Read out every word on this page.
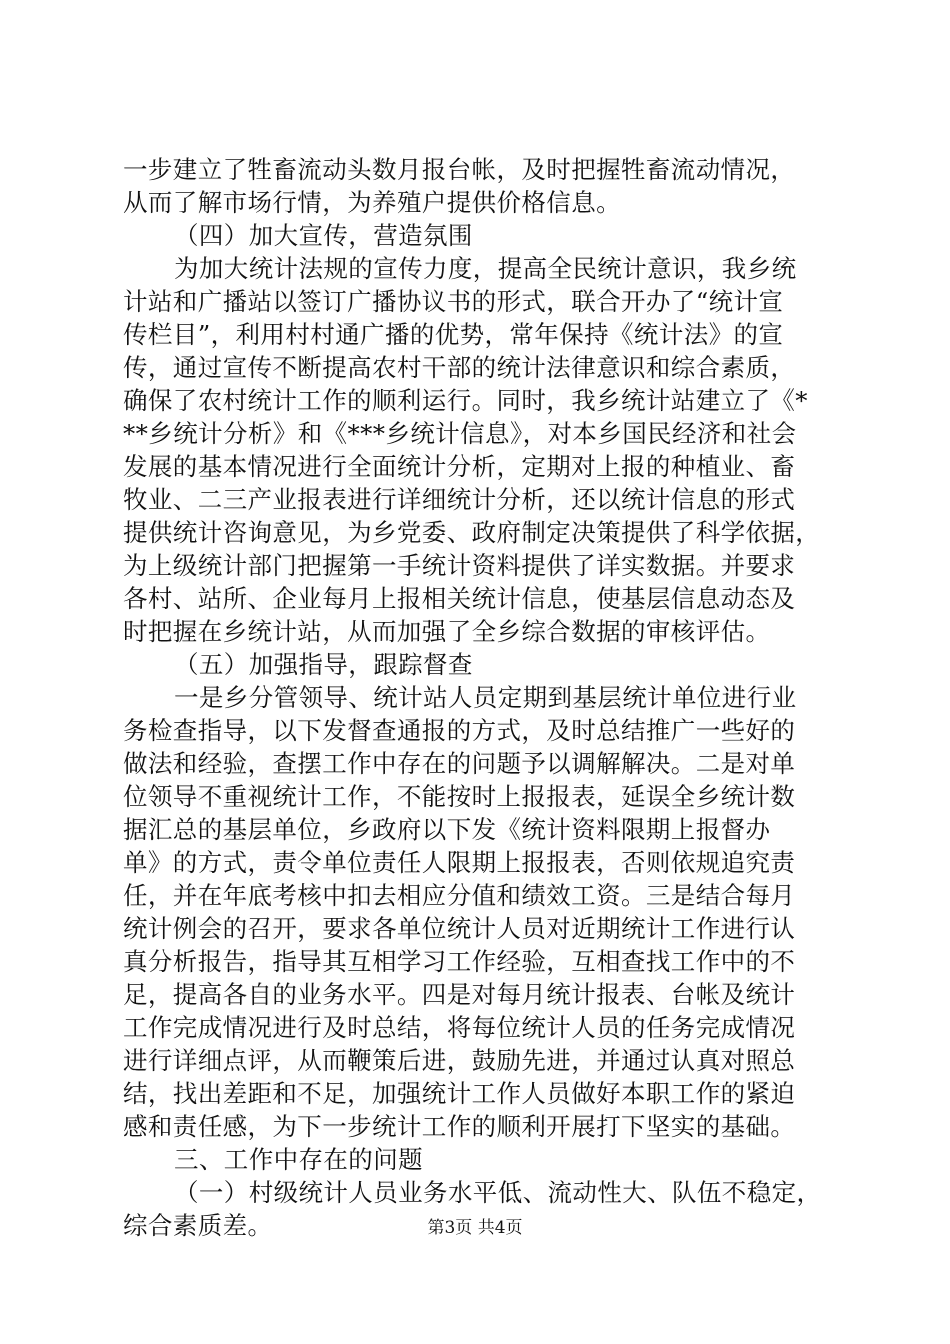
一步建立了牲畜流动头数月报台帐，及时把握牲畜流动情况，
从而了解市场行情，为养殖户提供价格信息。
（四）加大宣传，营造氛围
为加大统计法规的宣传力度，提高全民统计意识，我乡统
计站和广播站以签订广播协议书的形式，联合开办了“统计宣
传栏目”，利用村村通广播的优势，常年保持《统计法》的宣
传，通过宣传不断提高农村干部的统计法律意识和综合素质，
确保了农村统计工作的顺利运行。同时，我乡统计站建立了《*
**乡统计分析》和《***乡统计信息》，对本乡国民经济和社会
发展的基本情况进行全面统计分析，定期对上报的种植业、畜
牧业、二三产业报表进行详细统计分析，还以统计信息的形式
提供统计咨询意见，为乡党委、政府制定决策提供了科学依据，
为上级统计部门把握第一手统计资料提供了详实数据。并要求
各村、站所、企业每月上报相关统计信息，使基层信息动态及
时把握在乡统计站，从而加强了全乡综合数据的审核评估。
（五）加强指导，跟踪督查
一是乡分管领导、统计站人员定期到基层统计单位进行业
务检查指导，以下发督查通报的方式，及时总结推广一些好的
做法和经验，查摆工作中存在的问题予以调解解决。二是对单
位领导不重视统计工作，不能按时上报报表，延误全乡统计数
据汇总的基层单位，乡政府以下发《统计资料限期上报督办
单》的方式，责令单位责任人限期上报报表，否则依规追究责
任，并在年底考核中扣去相应分值和绩效工资。三是结合每月
统计例会的召开，要求各单位统计人员对近期统计工作进行认
真分析报告，指导其互相学习工作经验，互相查找工作中的不
足，提高各自的业务水平。四是对每月统计报表、台帐及统计
工作完成情况进行及时总结，将每位统计人员的任务完成情况
进行详细点评，从而鞭策后进，鼓励先进，并通过认真对照总
结，找出差距和不足，加强统计工作人员做好本职工作的紧迫
感和责任感，为下一步统计工作的顺利开展打下坚实的基础。
三、工作中存在的问题
（一）村级统计人员业务水平低、流动性大、队伍不稳定，
综合素质差。	第3页 共4页
